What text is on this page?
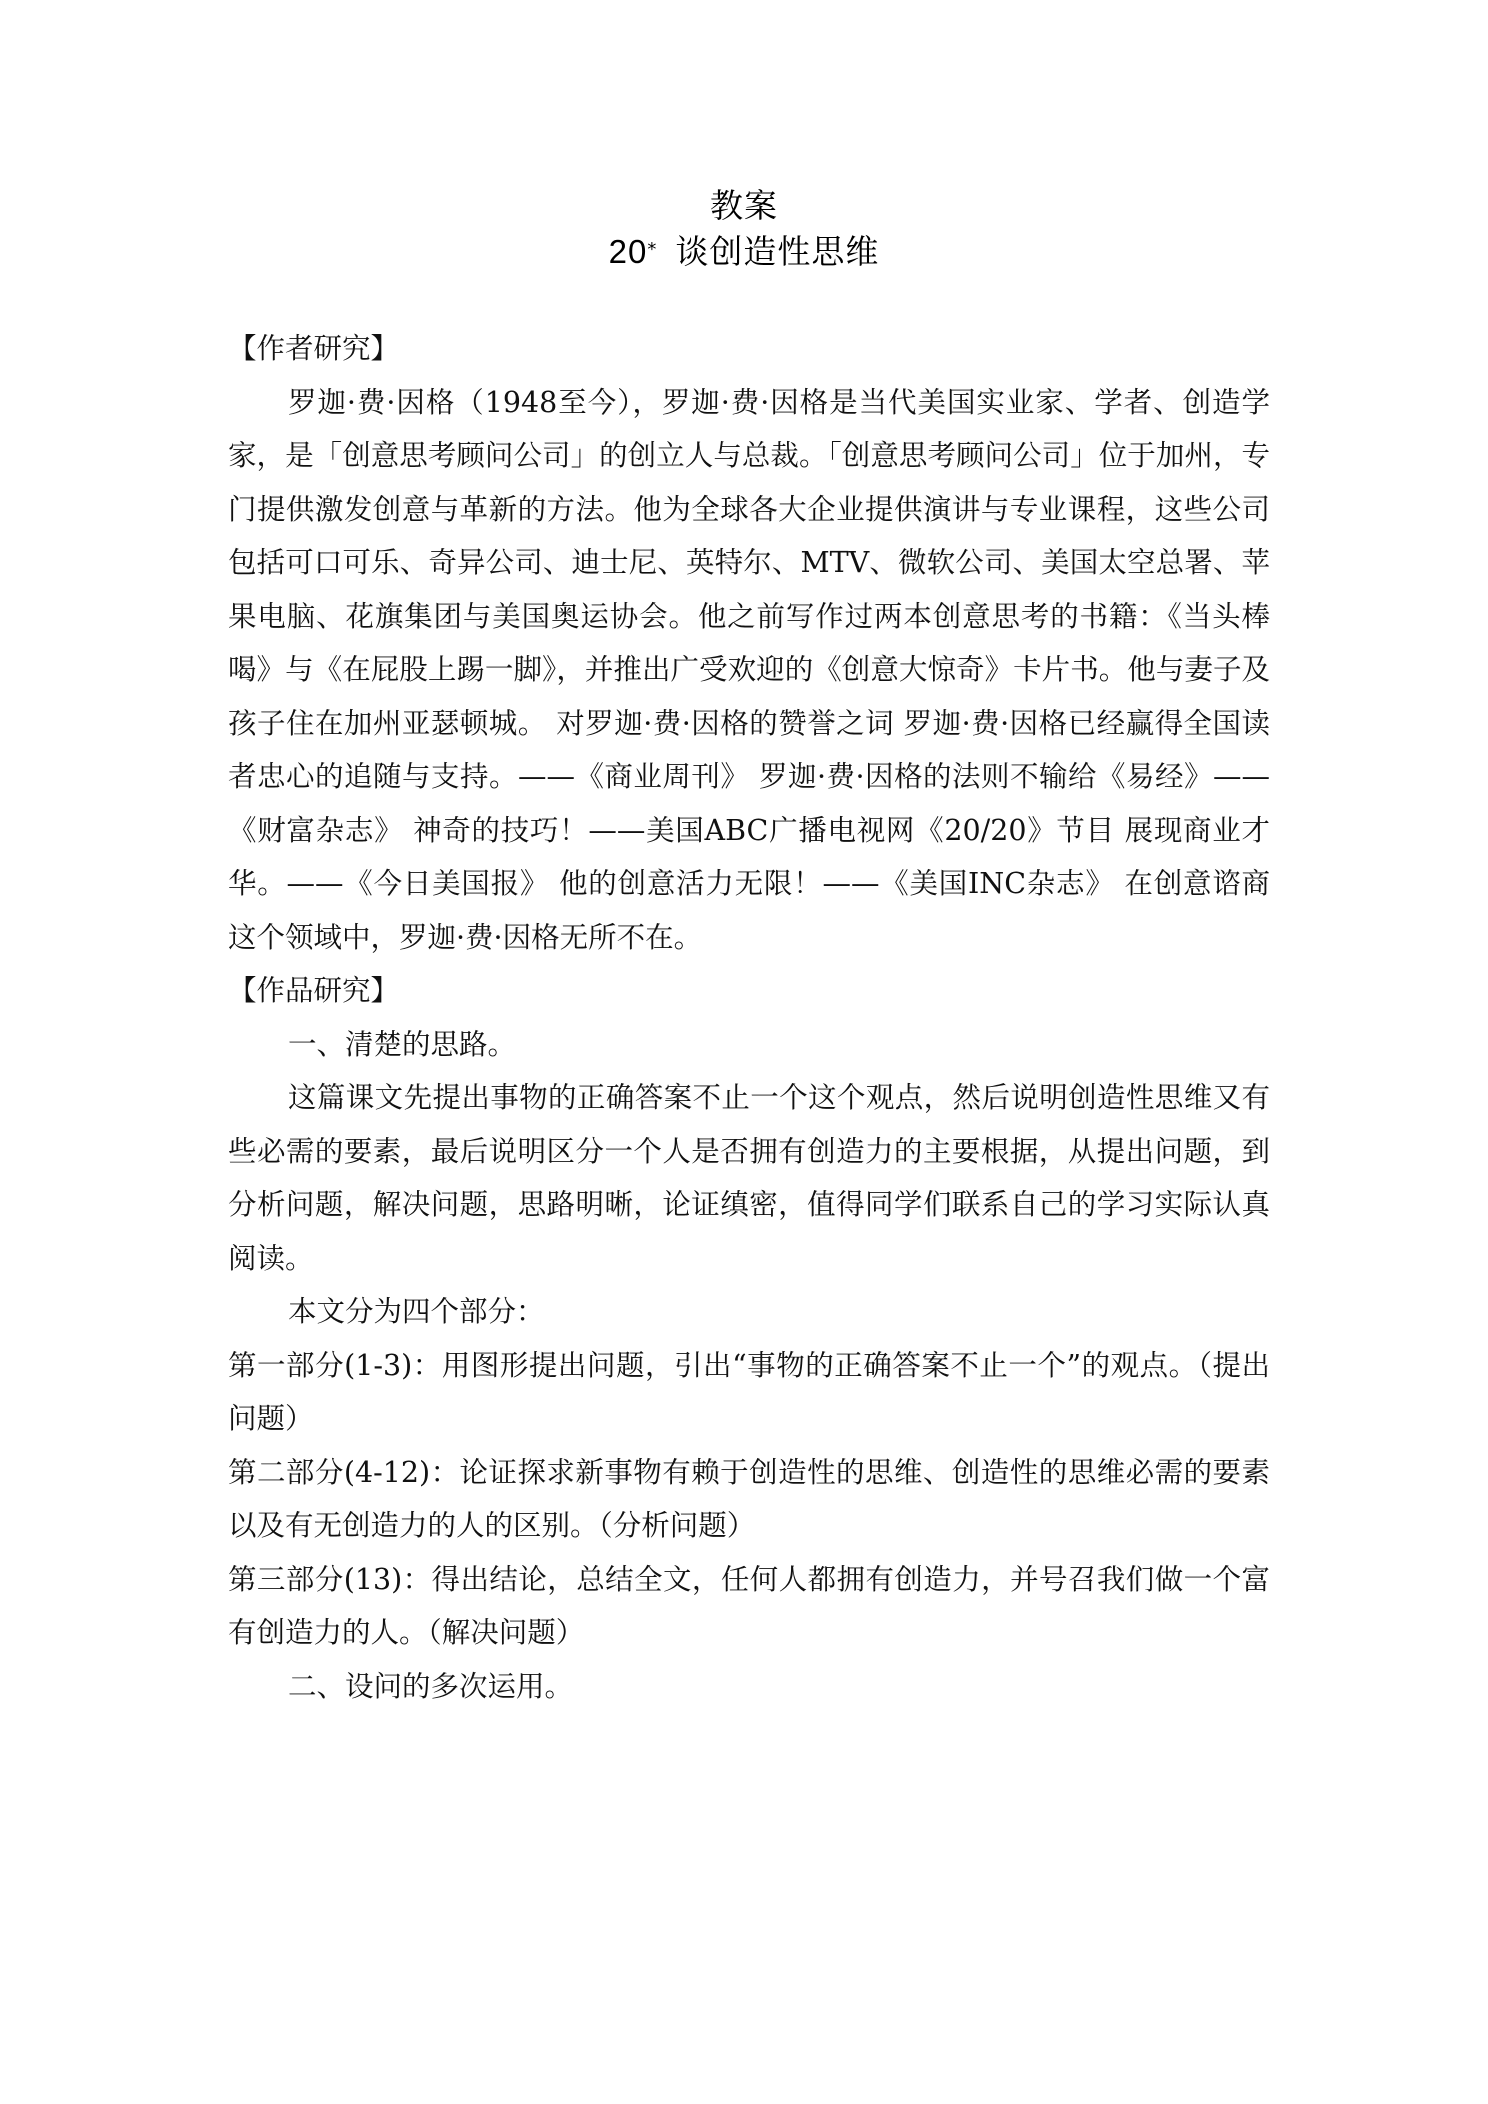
教案
20* 谈创造性思维

【作者研究】

罗迦·费·因格（1948至今），罗迦·费·因格是当代美国实业家、学者、创造学家，是「创意思考顾问公司」的创立人与总裁。「创意思考顾问公司」位于加州，专门提供激发创意与革新的方法。他为全球各大企业提供演讲与专业课程，这些公司包括可口可乐、奇异公司、迪士尼、英特尔、MTV、微软公司、美国太空总署、苹果电脑、花旗集团与美国奥运协会。他之前写作过两本创意思考的书籍：《当头棒喝》与《在屁股上踢一脚》，并推出广受欢迎的《创意大惊奇》卡片书。他与妻子及孩子住在加州亚瑟顿城。 对罗迦·费·因格的赞誉之词 罗迦·费·因格已经赢得全国读者忠心的追随与支持。——《商业周刊》 罗迦·费·因格的法则不输给《易经》——《财富杂志》 神奇的技巧！——美国ABC广播电视网《20/20》节目 展现商业才华。——《今日美国报》 他的创意活力无限！——《美国INC杂志》 在创意谘商这个领域中，罗迦·费·因格无所不在。

【作品研究】

一、清楚的思路。

这篇课文先提出事物的正确答案不止一个这个观点，然后说明创造性思维又有些必需的要素，最后说明区分一个人是否拥有创造力的主要根据，从提出问题，到分析问题，解决问题，思路明晰，论证缜密，值得同学们联系自己的学习实际认真阅读。

本文分为四个部分：

第一部分(1-3)：用图形提出问题，引出“事物的正确答案不止一个”的观点。（提出问题）

第二部分(4-12)：论证探求新事物有赖于创造性的思维、创造性的思维必需的要素以及有无创造力的人的区别。（分析问题）

第三部分(13)：得出结论，总结全文，任何人都拥有创造力，并号召我们做一个富有创造力的人。（解决问题）

二、设问的多次运用。
